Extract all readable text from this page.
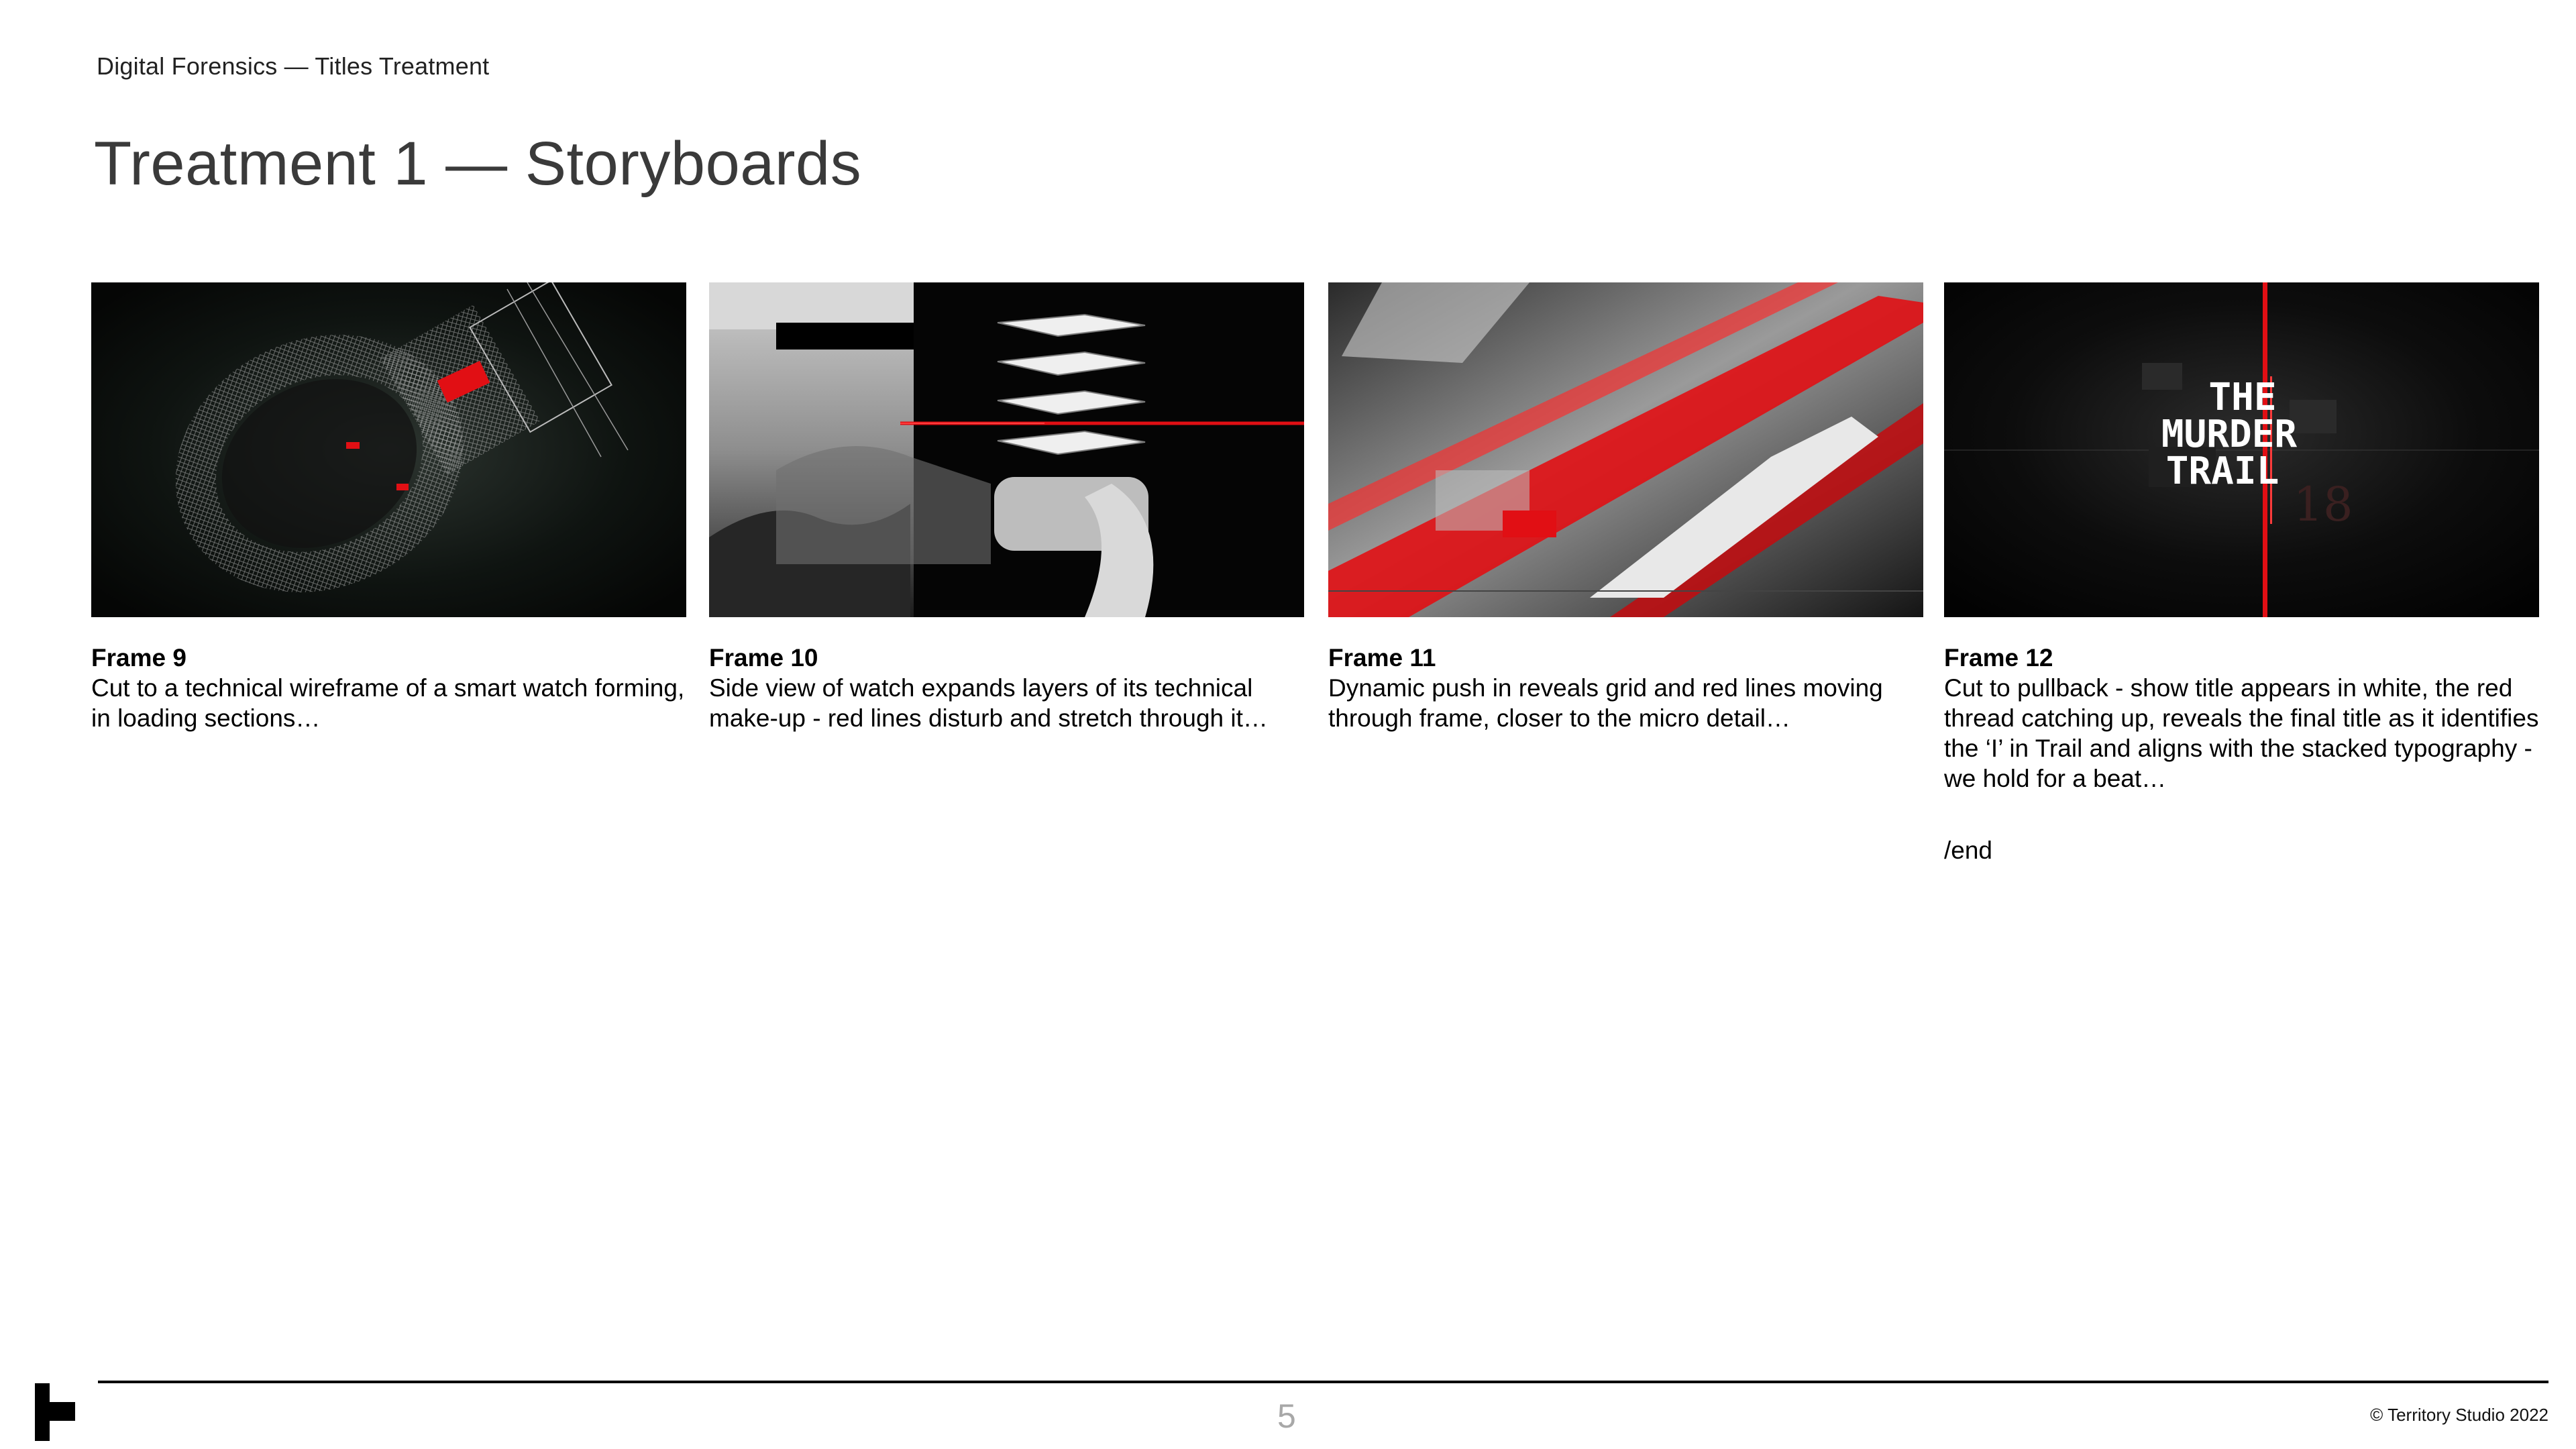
Digital Forensics — Titles Treatment
Treatment 1 — Storyboards
Frame 9
Cut to a technical wireframe of a smart watch forming, in loading sections…
Frame 10
Side view of watch expands layers of its technical make-up - red lines disturb and stretch through it…
Frame 11
Dynamic push in reveals grid and red lines moving through frame, closer to the micro detail…
THE
MURDER
TRAIL
18
Frame 12
Cut to pullback - show title appears in white, the red thread catching up, reveals the final title as it identifies the ‘I’ in Trail and aligns with the stacked typography - we hold for a beat…
/end
5	© Territory Studio 2022
